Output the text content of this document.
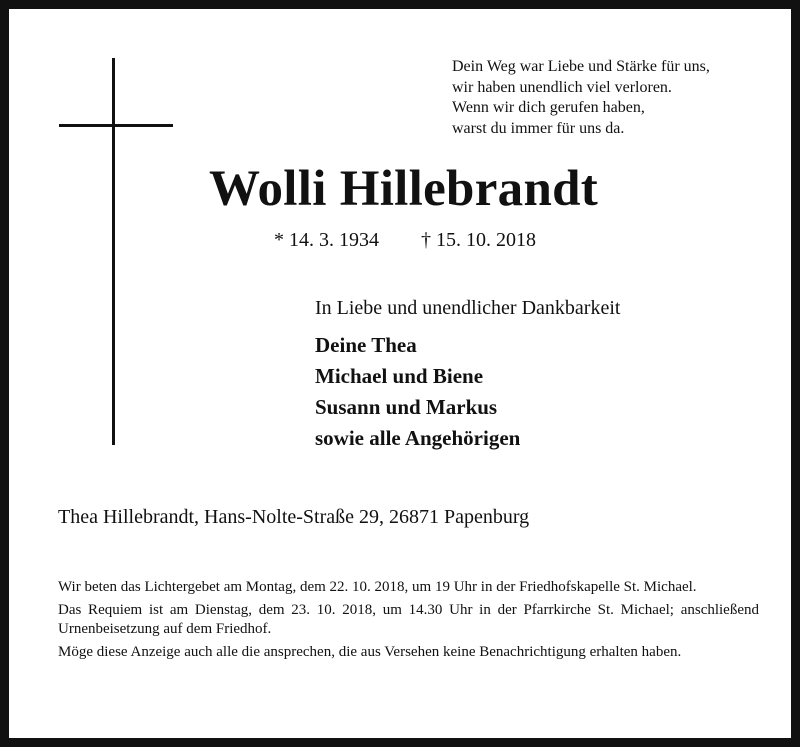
Dein Weg war Liebe und Stärke für uns,
wir haben unendlich viel verloren.
Wenn wir dich gerufen haben,
warst du immer für uns da.
Wolli Hillebrandt
* 14. 3. 1934 † 15. 10. 2018
In Liebe und unendlicher Dankbarkeit
Deine Thea
Michael und Biene
Susann und Markus
sowie alle Angehörigen
Thea Hillebrandt, Hans-Nolte-Straße 29, 26871 Papenburg

Wir beten das Lichtergebet am Montag, dem 22. 10. 2018, um 19 Uhr in der Friedhofskapelle St. Michael.

Das Requiem ist am Dienstag, dem 23. 10. 2018, um 14.30 Uhr in der Pfarrkirche St. Michael; anschließend Urnenbeisetzung auf dem Friedhof.

Möge diese Anzeige auch alle die ansprechen, die aus Versehen keine Benachrichtigung erhalten haben.
